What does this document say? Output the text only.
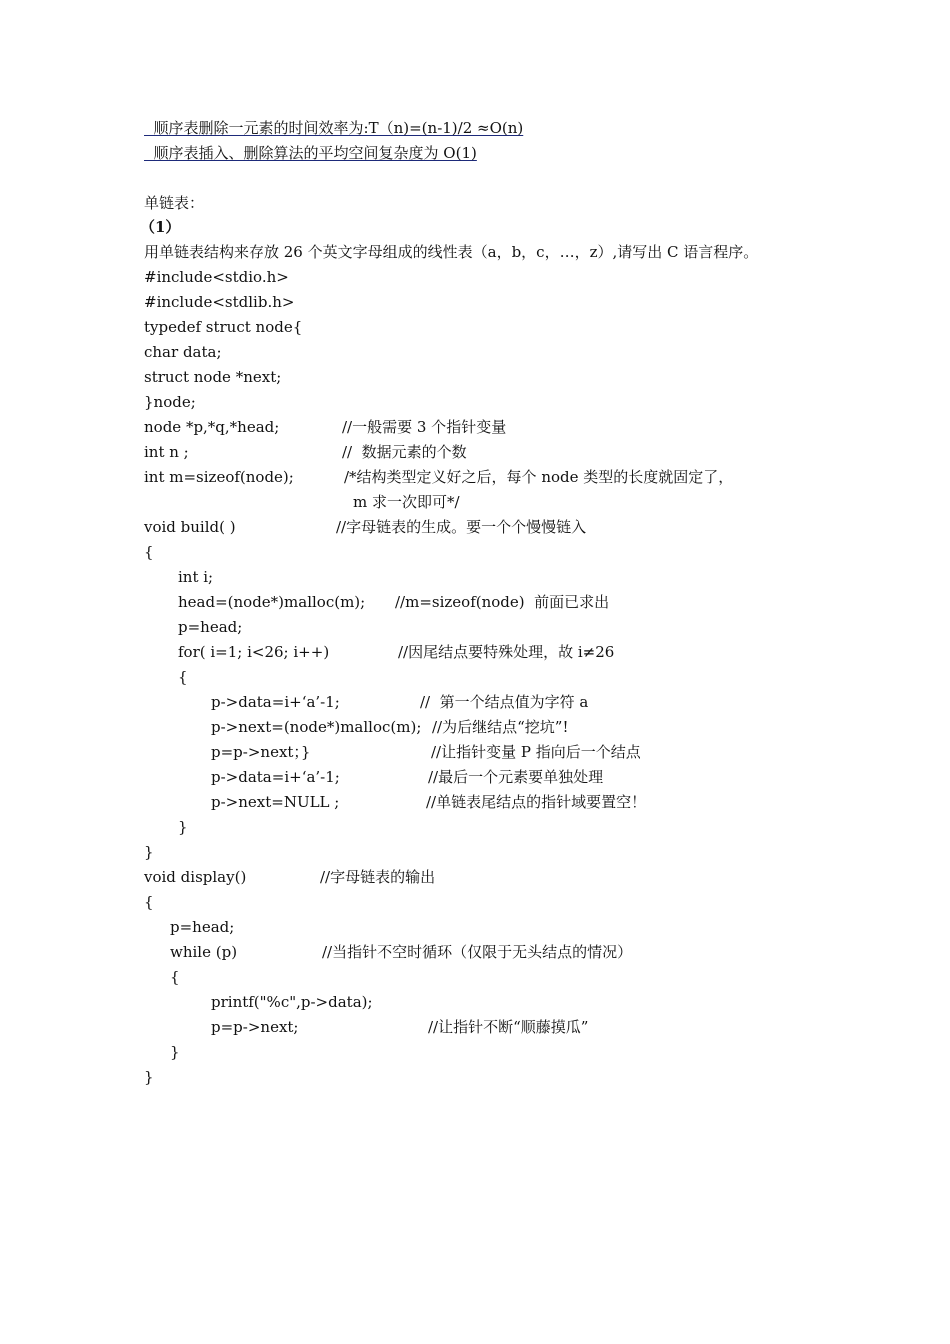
顺序表删除一元素的时间效率为:T（n)=(n-1)/2 ≈O(n)
顺序表插入、删除算法的平均空间复杂度为 O(1)
单链表：
（1）
用单链表结构来存放 26 个英文字母组成的线性表（a，b，c，…，z）,请写出 C 语言程序。
#include<stdio.h>
#include<stdlib.h>
typedef struct node{
char data;
struct node *next;
}node;
node *p,*q,*head;	//一般需要 3 个指针变量
int n ;	//  数据元素的个数
int m=sizeof(node);	/*结构类型定义好之后，每个 node 类型的长度就固定了，
m 求一次即可*/
void build( )	//字母链表的生成。要一个个慢慢链入
{
int i;
head=(node*)malloc(m); //m=sizeof(node)  前面已求出
p=head;
for( i=1; i<26; i++)	//因尾结点要特殊处理，故 i≠26
{
p->data=i+‘a’-1;	//  第一个结点值为字符 a
p->next=(node*)malloc(m); //为后继结点“挖坑”!
p=p->next；}	//让指针变量 P 指向后一个结点
p->data=i+‘a’-1;	//最后一个元素要单独处理
p->next=NULL ;	//单链表尾结点的指针域要置空！
}
}
void display()	//字母链表的输出
{
p=head;
while (p)	//当指针不空时循环（仅限于无头结点的情况）
{
printf("%c",p->data);
p=p->next;	//让指针不断“顺藤摸瓜”
}
}
